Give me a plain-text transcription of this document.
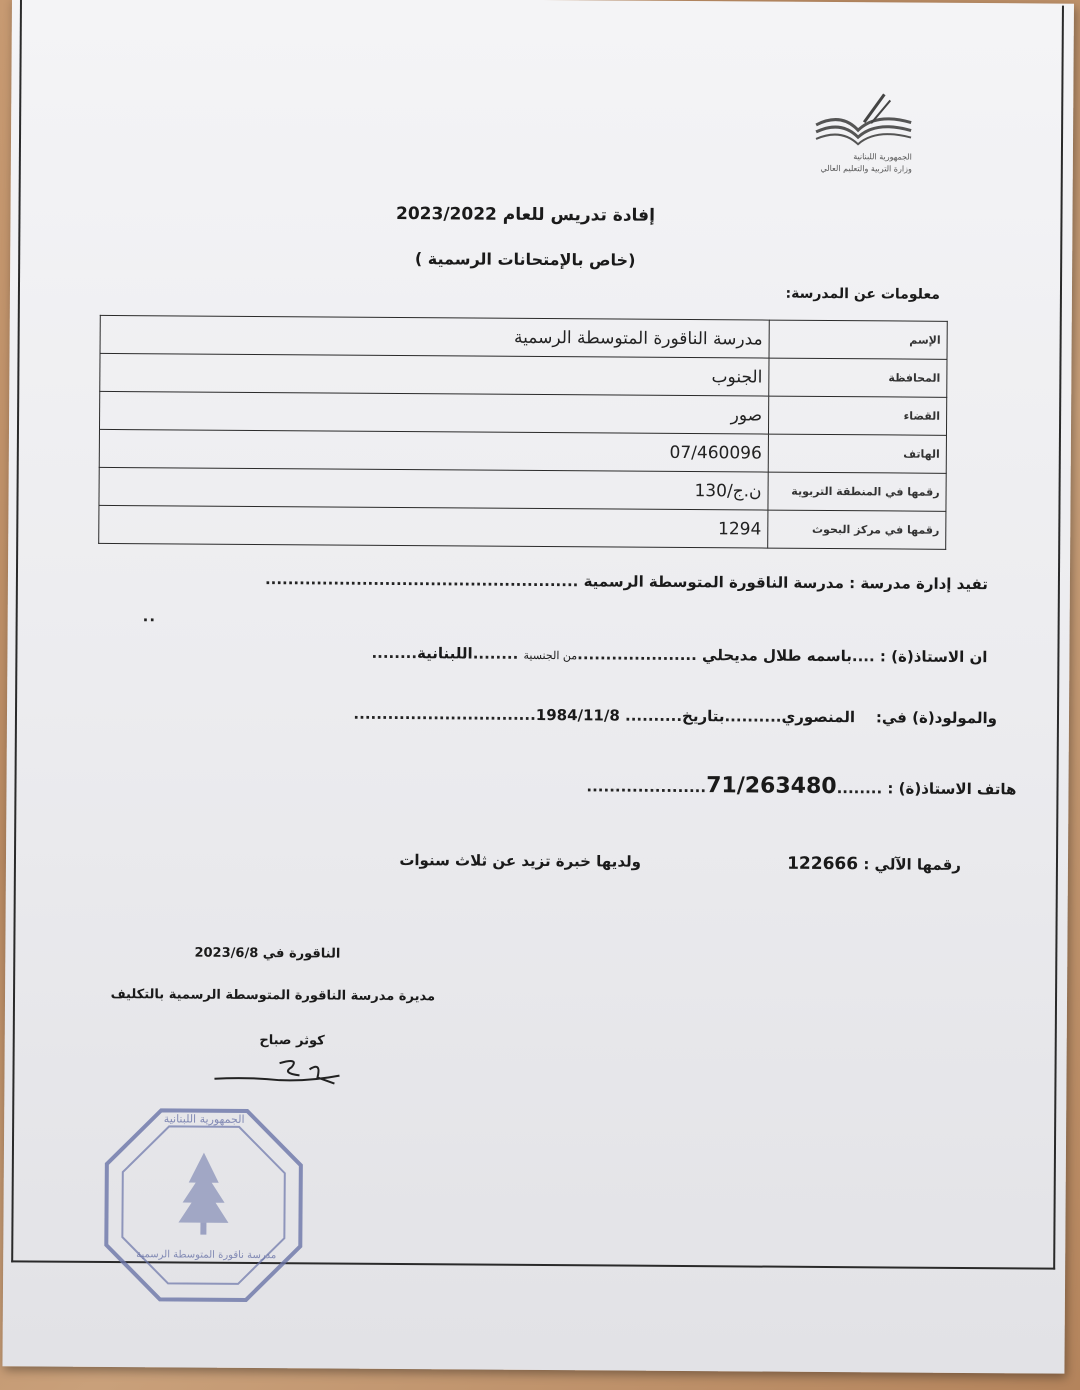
الجمهورية اللبنانية
وزارة التربية والتعليم العالي
إفادة تدريس للعام 2023/2022
(خاص بالإمتحانات الرسمية )
معلومات عن المدرسة:
الإسم	مدرسة الناقورة المتوسطة الرسمية
المحافظة	الجنوب
القضاء	صور
الهاتف	07/460096
رقمها في المنطقة التربوية	ن.ج/130
رقمها في مركز البحوث	1294
تفيد إدارة مدرسة : مدرسة الناقورة المتوسطة الرسمية .......................................................
..
ان الاستاذ(ة) : ....باسمه طلال مديحلي .....................من الجنسية ........اللبنانية........
والمولود(ة) في:    المنصوري..........بتاريخ.......... 1984/11/8................................
هاتف الاستاذ(ة) : ........71/263480.....................
رقمها الآلي : 122666
ولديها خبرة تزيد عن ثلاث سنوات
الناقورة في 2023/6/8
مديرة مدرسة الناقورة المتوسطة الرسمية بالتكليف
كوثر صباح
الجمهورية اللبنانية
مدرسة ناقورة المتوسطة الرسمية
